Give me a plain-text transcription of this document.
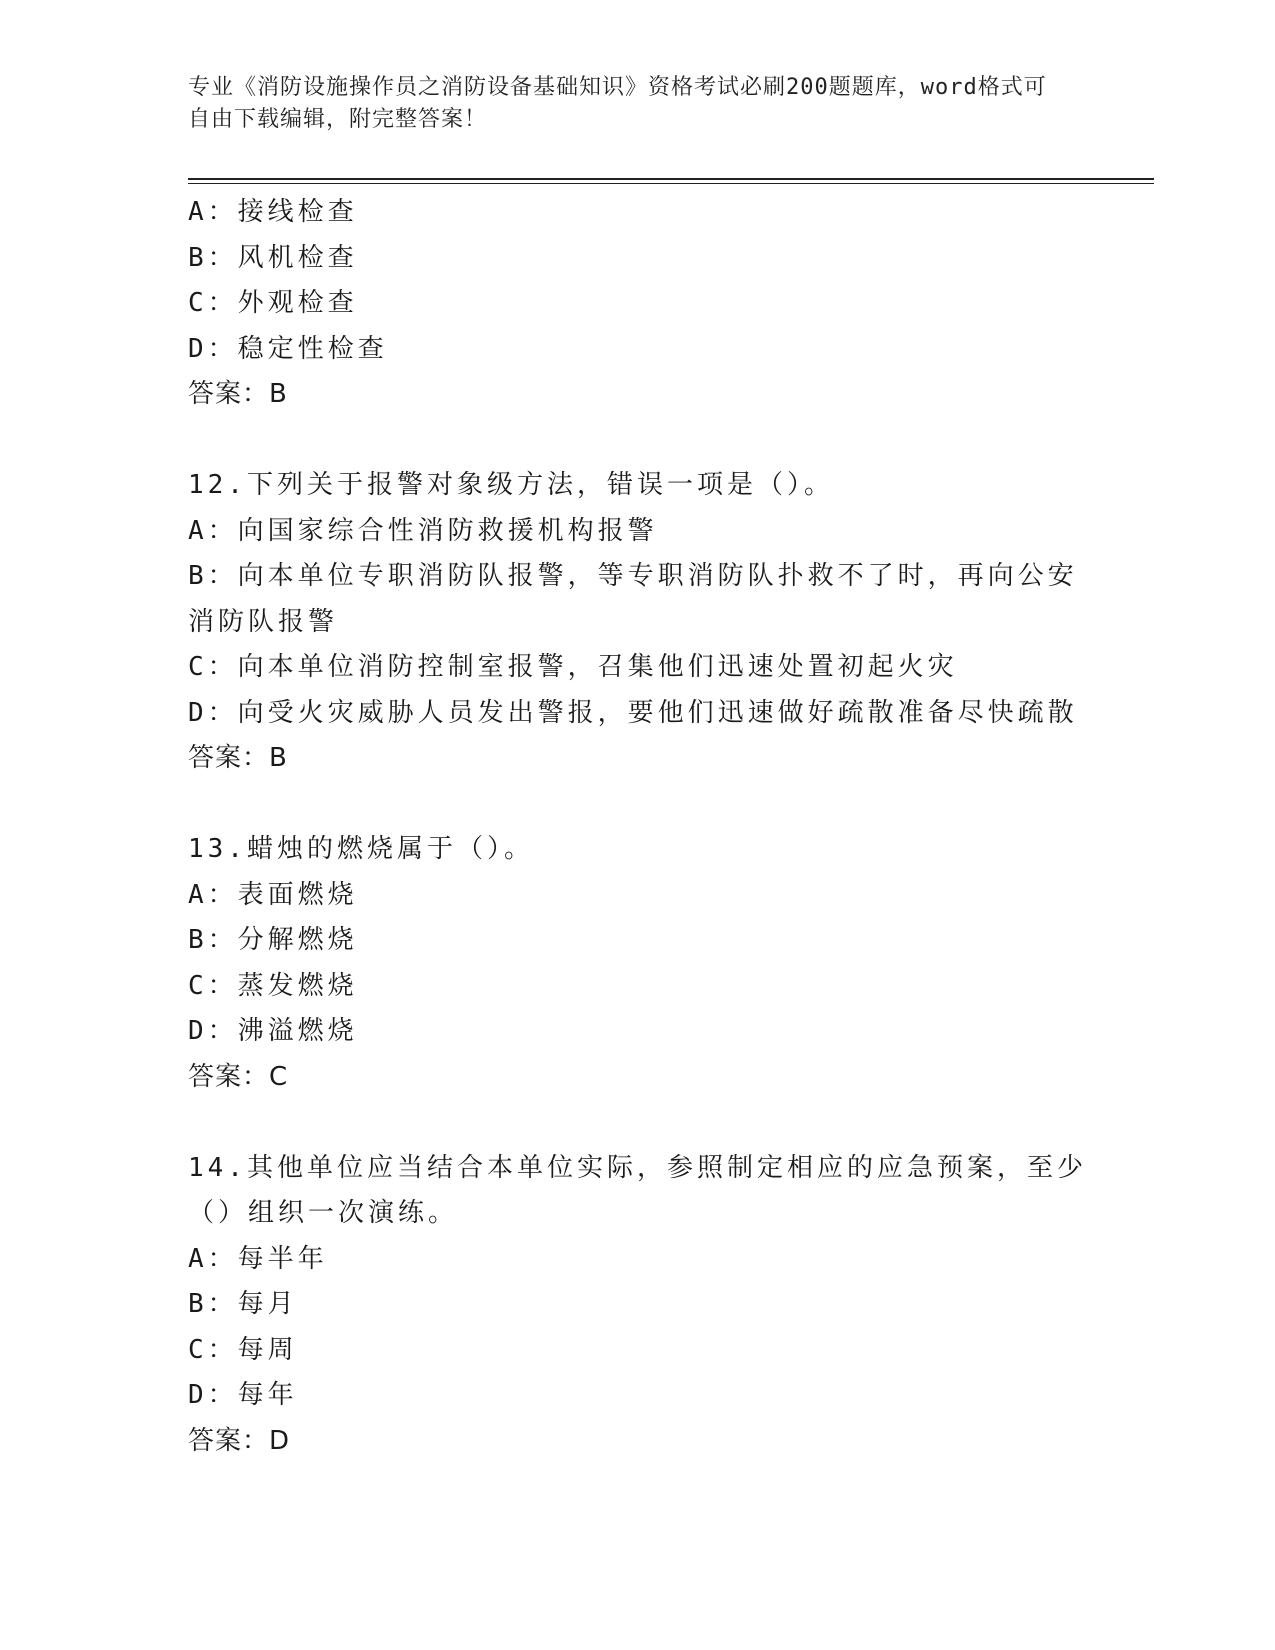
专业《消防设施操作员之消防设备基础知识》资格考试必刷200题题库，word格式可自由下载编辑，附完整答案！
A：接线检查
B：风机检查
C：外观检查
D：稳定性检查
答案：B
12.下列关于报警对象级方法，错误一项是（）。
A：向国家综合性消防救援机构报警
B：向本单位专职消防队报警，等专职消防队扑救不了时，再向公安消防队报警
C：向本单位消防控制室报警，召集他们迅速处置初起火灾
D：向受火灾威胁人员发出警报，要他们迅速做好疏散准备尽快疏散
答案：B
13.蜡烛的燃烧属于（）。
A：表面燃烧
B：分解燃烧
C：蒸发燃烧
D：沸溢燃烧
答案：C
14.其他单位应当结合本单位实际，参照制定相应的应急预案，至少（）组织一次演练。
A：每半年
B：每月
C：每周
D：每年
答案：D
